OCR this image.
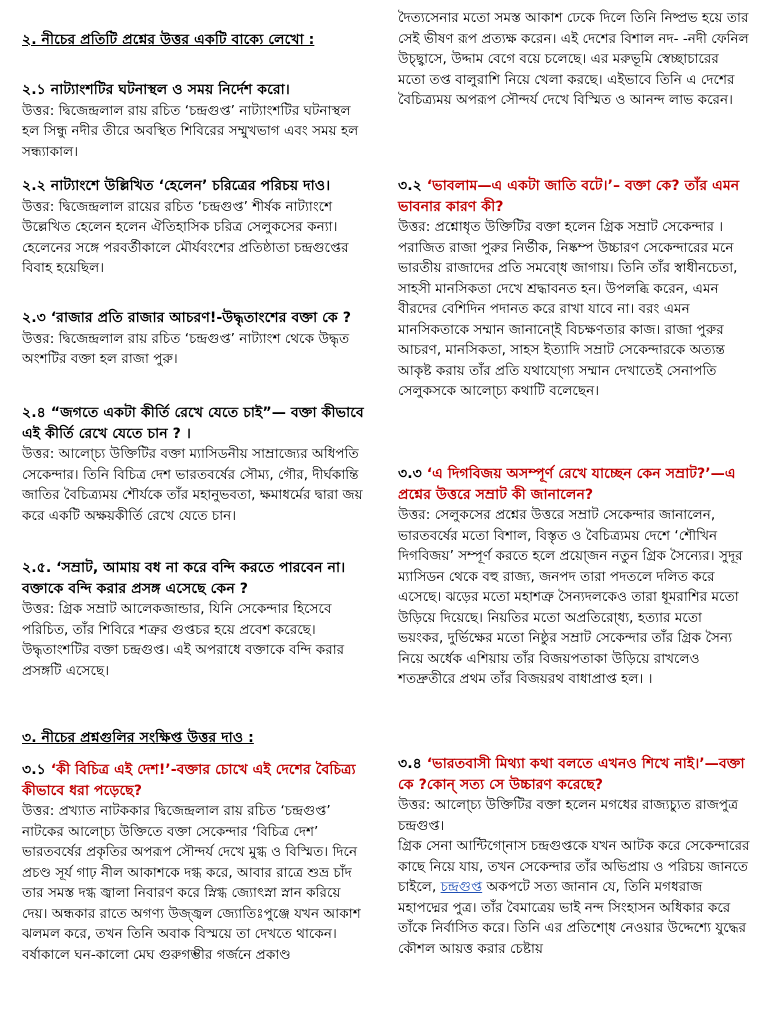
২. নীচের প্রতিটি প্রশ্নের উত্তর একটি বাক্যে লেখাে :

২.১ নাট্যাংশটির ঘটনাস্থল ও সময় নির্দেশ করাে।

উত্তর: দ্বিজেন্দ্রলাল রায় রচিত ‘চন্দ্রগুপ্ত’ নাট্যাংশটির ঘটনাস্থল হল সিন্ধু নদীর তীরে অবস্থিত শিবিরের সম্মুখভাগ এবং সময় হল সন্ধ্যাকাল।

২.২ নাট্যাংশে উল্লিখিত ‘হেলেন’ চরিত্রের পরিচয় দাও।

উত্তর: দ্বিজেন্দ্রলাল রায়ের রচিত ‘চন্দ্রগুপ্ত’ শীর্ষক নাট্যাংশে উল্লেখিত হেলেন হলেন ঐতিহাসিক চরিত্র সেলুকসের কন্যা। হেলেনের সঙ্গে পরবর্তীকালে মৌর্যবংশের প্রতিষ্ঠাতা চন্দ্রগুপ্তের বিবাহ হয়েছিল।

২.৩ ‘রাজার প্রতি রাজার আচরণ!-উদ্ধৃতাংশের বক্তা কে ?

উত্তর: দ্বিজেন্দ্রলাল রায় রচিত ‘চন্দ্রগুপ্ত’ নাট্যাংশ থেকে উদ্ধৃত অংশটির বক্তা হল রাজা পুরু।

২.৪ “জগতে একটা কীর্তি রেখে যেতে চাই”— বক্তা কীভাবে এই কীর্তি রেখে যেতে চান ? ।

উত্তর: আলাে্চ্য উক্তিটির বক্তা ম্যাসিডনীয় সাম্রাজ্যের অধিপতি সেকেন্দার। তিনি বিচিত্র দেশ ভারতবর্ষের সৌম্য, গৌর, দীর্ঘকান্তি জাতির বৈচিত্র্যময় শৌর্যকে তাঁর মহানুভবতা, ক্ষমাধর্মের দ্বারা জয় করে একটি অক্ষয়কীর্তি রেখে যেতে চান।

২.৫. ‘সম্রাট, আমায় বধ না করে বন্দি করতে পারবেন না। বক্তাকে বন্দি করার প্রসঙ্গ এসেছে কেন ?

উত্তর: গ্রিক সম্রাট আলেকজান্ডার, যিনি সেকেন্দার হিসেবে পরিচিত, তাঁর শিবিরে শত্রুর গুপ্তচর হয়ে প্রবেশ করেছে। উদ্ধৃতাংশটির বক্তা চন্দ্রগুপ্ত। এই অপরাধে বক্তাকে বন্দি করার প্রসঙ্গটি এসেছে।

৩. নীচের প্রশ্নগুলির সংক্ষিপ্ত উত্তর দাও :

৩.১ ‘কী বিচিত্র এই দেশ!’-বক্তার চোখে এই দেশের বৈচিত্র্য কীভাবে ধরা পড়েছে?

উত্তর: প্রখ্যাত নাটককার দ্বিজেন্দ্রলাল রায় রচিত ‘চন্দ্রগুপ্ত’ নাটকের আলাে্চ্য উক্তিতে বক্তা সেকেন্দার ‘বিচিত্র দেশ’ ভারতবর্ষের প্রকৃতির অপরূপ সৌন্দর্য দেখে মুগ্ধ ও বিস্মিত। দিনে প্রচণ্ড সূর্য গাঢ় নীল আকাশকে দগ্ধ করে, আবার রাত্রে শুভ্র চাঁদ তার সমস্ত দগ্ধ জ্বালা নিবারণ করে স্নিগ্ধ জ্যোৎস্না স্নান করিয়ে দেয়। অন্ধকার রাতে অগণ্য উজ্জ্বল জ্যোতিঃপুঞ্জে যখন আকাশ ঝলমল করে, তখন তিনি অবাক বিস্ময়ে তা দেখতে থাকেন। বর্ষাকালে ঘন-কালাে মেঘ গুরুগম্ভীর গর্জনে প্রকাণ্ড

দৈত্যসেনার মতাে সমস্ত আকাশ ঢেকে দিলে তিনি নিষ্প্রভ হয়ে তার সেই ভীষণ রূপ প্রত্যক্ষ করেন। এই দেশের বিশাল নদ- -নদী ফেনিল উচ্ছ্বাসে, উদ্দাম বেগে বয়ে চলেছে। এর মরুভূমি স্বেচ্ছাচারের মতাে তপ্ত বালুরাশি নিয়ে খেলা করছে। এইভাবে তিনি এ দেশের বৈচিত্র্যময় অপরূপ সৌন্দর্য দেখে বিস্মিত ও আনন্দ লাভ করেন।

৩.২ ‘ভাবলাম—এ একটা জাতি বটে।’– বক্তা কে? তাঁর এমন ভাবনার কারণ কী?

উত্তর: প্রশ্নোধৃত উক্তিটির বক্তা হলেন গ্রিক সম্রাট সেকেন্দার ।

পরাজিত রাজা পুরুর নির্ভীক, নিষ্কম্প উচ্চারণ সেকেন্দারের মনে ভারতীয় রাজাদের প্রতি সমবাে্ধ জাগায়। তিনি তাঁর স্বাধীনচেতা, সাহসী মানসিকতা দেখে শ্রদ্ধাবনত হন। উপলব্ধি করেন, এমন বীরদের বেশিদিন পদানত করে রাখা যাবে না। বরং এমন মানসিকতাকে সম্মান জানানাে্ই বিচক্ষণতার কাজ। রাজা পুরুর আচরণ, মানসিকতা, সাহস ইত্যাদি সম্রাট সেকেন্দারকে অত্যন্ত আকৃষ্ট করায় তাঁর প্রতি যথাযাে্গ্য সম্মান দেখাতেই সেনাপতি সেলুকসকে আলাে্চ্য কথাটি বলেছেন।

৩.৩ ‘এ দিগবিজয় অসম্পূর্ণ রেখে যাচ্ছেন কেন সম্রাট?’—এ প্রশ্নের উত্তরে সম্রাট কী জানালেন?

উত্তর: সেলুকসের প্রশ্নের উত্তরে সম্রাট সেকেন্দার জানালেন, ভারতবর্ষের মতাে বিশাল, বিস্তৃত ও বৈচিত্র্যময় দেশে ‘শৌখিন দিগবিজয়’ সম্পূর্ণ করতে হলে প্রয়াে্জন নতুন গ্রিক সৈন্যের। সুদূর ম্যাসিডন থেকে বহু রাজ্য, জনপদ তারা পদতলে দলিত করে এসেছে। ঝড়ের মতাে মহাশত্রু সৈন্যদলকেও তারা ধূমরাশির মতাে উড়িয়ে দিয়েছে। নিয়তির মতাে অপ্রতিরাে্ধ্য, হত্যার মতাে ভয়ংকর, দুর্ভিক্ষের মতাে নিষ্ঠুর সম্রাট সেকেন্দার তাঁর গ্রিক সৈন্য নিয়ে অর্ধেক এশিয়ায় তাঁর বিজয়পতাকা উড়িয়ে রাখলেও শতদ্রুতীরে প্রথম তাঁর বিজয়রথ বাধাপ্রাপ্ত হল। ।

৩.৪ ‘ভারতবাসী মিথ্যা কথা বলতে এখনও শিখে নাই।’—বক্তা কে ?কোন্ সত্য সে উচ্চারণ করেছে?

উত্তর: আলাে্চ্য উক্তিটির বক্তা হলেন মগধের রাজ্যচ্যুত রাজপুত্র চন্দ্রগুপ্ত।

গ্রিক সেনা আন্টিগাে্নাস চন্দ্রগুপ্তকে যখন আটক করে সেকেন্দারের কাছে নিয়ে যায়, তখন সেকেন্দার তাঁর অভিপ্রায় ও পরিচয় জানতে চাইলে, চন্দ্রগুপ্ত অকপটে সত্য জানান যে, তিনি মগধরাজ মহাপদ্মের পুত্র। তাঁর বৈমাত্রেয় ভাই নন্দ সিংহাসন অধিকার করে তাঁকে নির্বাসিত করে। তিনি এর প্রতিশাে্ধ নেওয়ার উদ্দেশ্যে যুদ্ধের কৌশল আয়ত্ত করার চেষ্টায়
